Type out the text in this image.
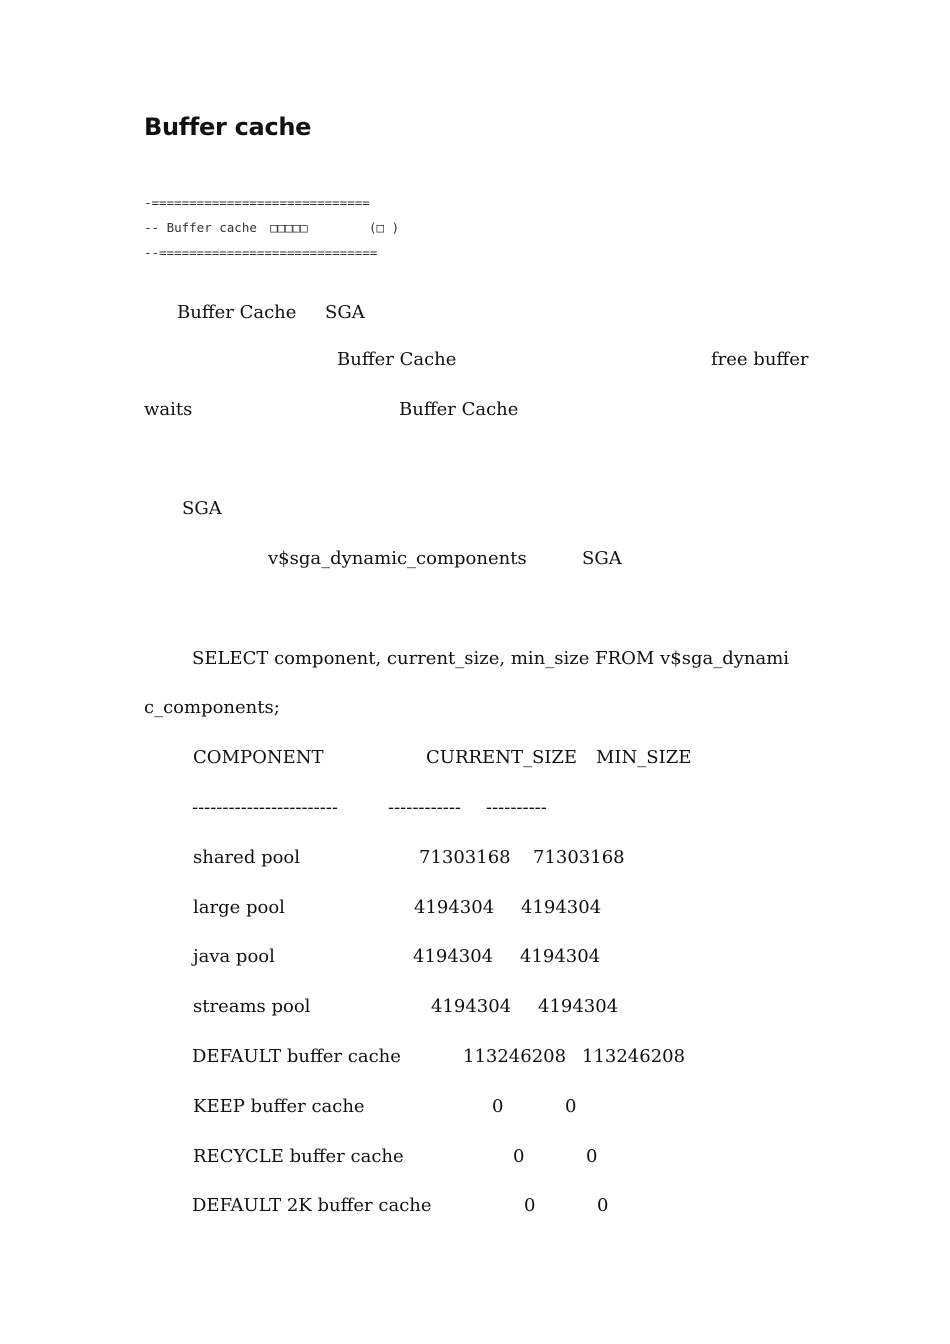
Buffer cache
-=============================
-- Buffer cache □□□□□	(□ )
--=============================
Buffer Cache SGA
Buffer Cache	free buffer
waits	Buffer Cache
SGA
v$sga_dynamic_components	SGA
SELECT component, current_size, min_size FROM v$sga_dynami
c_components;
COMPONENT	CURRENT_SIZE MIN_SIZE
------------------------	------------ ----------
shared pool	71303168 71303168
large pool	4194304 4194304
java pool	4194304 4194304
streams pool	4194304 4194304
DEFAULT buffer cache	113246208 113246208
KEEP buffer cache	0	0
RECYCLE buffer cache	0	0
DEFAULT 2K buffer cache	0	0
